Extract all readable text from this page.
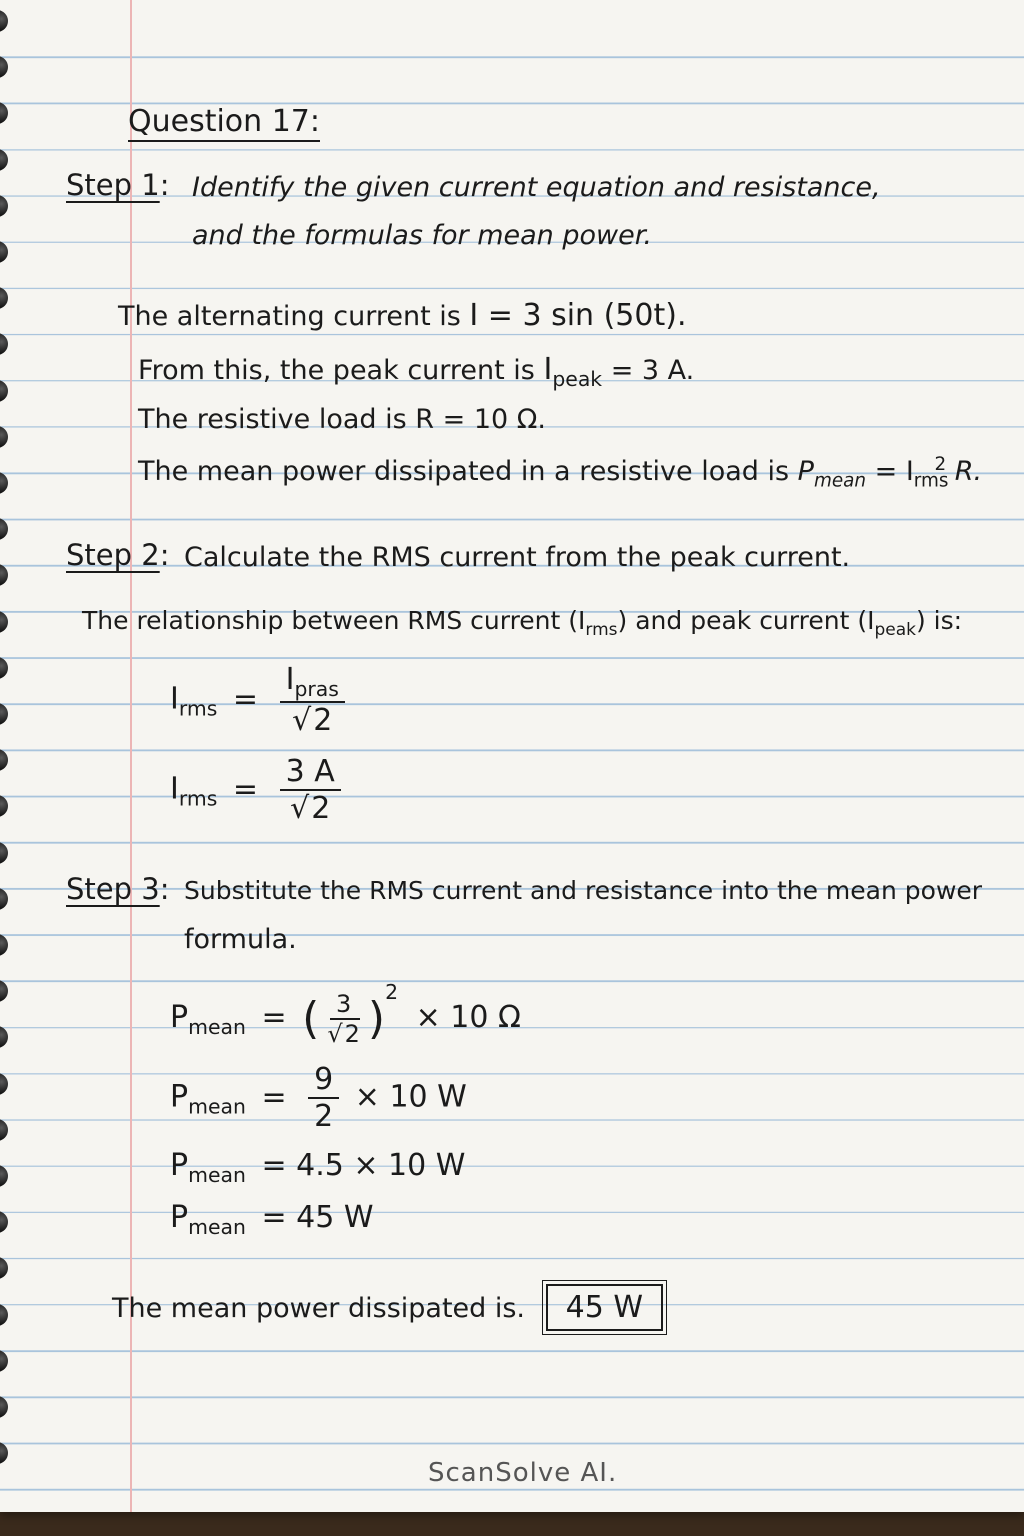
Question 17:
Step 1: Identify the given current equation and resistance,
and the formulas for mean power.
The alternating current is I = 3 sin (50t).
From this, the peak current is $I_{peak} = 3$ A.
The resistive load is R = 10 Ω.
The mean power dissipated in a resistive load is $P_{mean} = I_{rms}^2$ R.
Step 2: Calculate the RMS current from the peak current.
The relationship between RMS current $(I_{rms})$ and peak current $(I_{peak})$ is:
$I_{rms} = \frac{I_{pras}}{√2}$
$I_{rms} = \frac{3 A}{√2}$
Step 3: Substitute the RMS current and resistance into the mean power
formula.
$P_{mean}$ = ( $\frac{3}{√2} )^2 \times 10$ Ω
$P_{mean} = \frac{9}{2} \times 10$ W
$P_{mean} = 4.5 \times 10$ W
$P_{mean} = 45$ W
The mean power dissipated is. 45 W
ScanSolve AI.
